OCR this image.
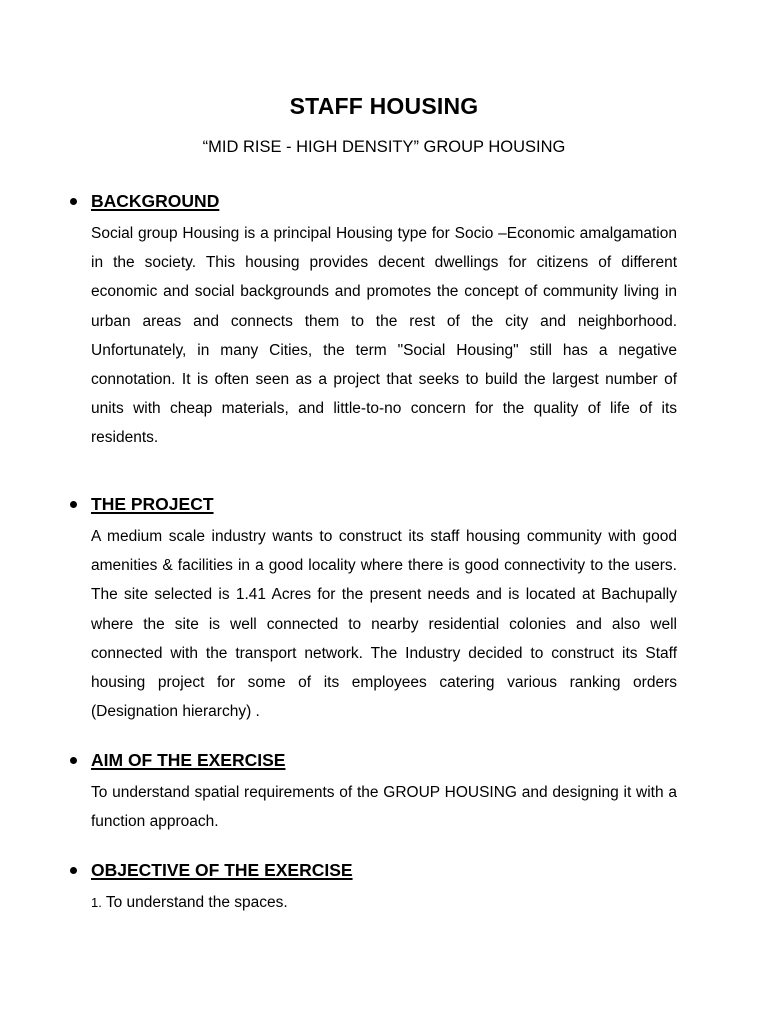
STAFF HOUSING

“MID RISE - HIGH DENSITY” GROUP HOUSING

BACKGROUND

Social group Housing is a principal Housing type for Socio –Economic amalgamation in the society. This housing provides decent dwellings for citizens of different economic and social backgrounds and promotes the concept of community living in urban areas and connects them to the rest of the city and neighborhood. Unfortunately, in many Cities, the term "Social Housing" still has a negative connotation. It is often seen as a project that seeks to build the largest number of units with cheap materials, and little-to-no concern for the quality of life of its residents.

THE PROJECT

A medium scale industry wants to construct its staff housing community with good amenities & facilities in a good locality where there is good connectivity to the users. The site selected is 1.41 Acres for the present needs and is located at Bachupally where the site is well connected to nearby residential colonies and also well connected with the transport network. The Industry decided to construct its Staff housing project for some of its employees catering various ranking orders (Designation hierarchy) .

AIM OF THE EXERCISE

To understand spatial requirements of the GROUP HOUSING and designing it with a function approach.

OBJECTIVE OF THE EXERCISE

1. To understand the spaces.
